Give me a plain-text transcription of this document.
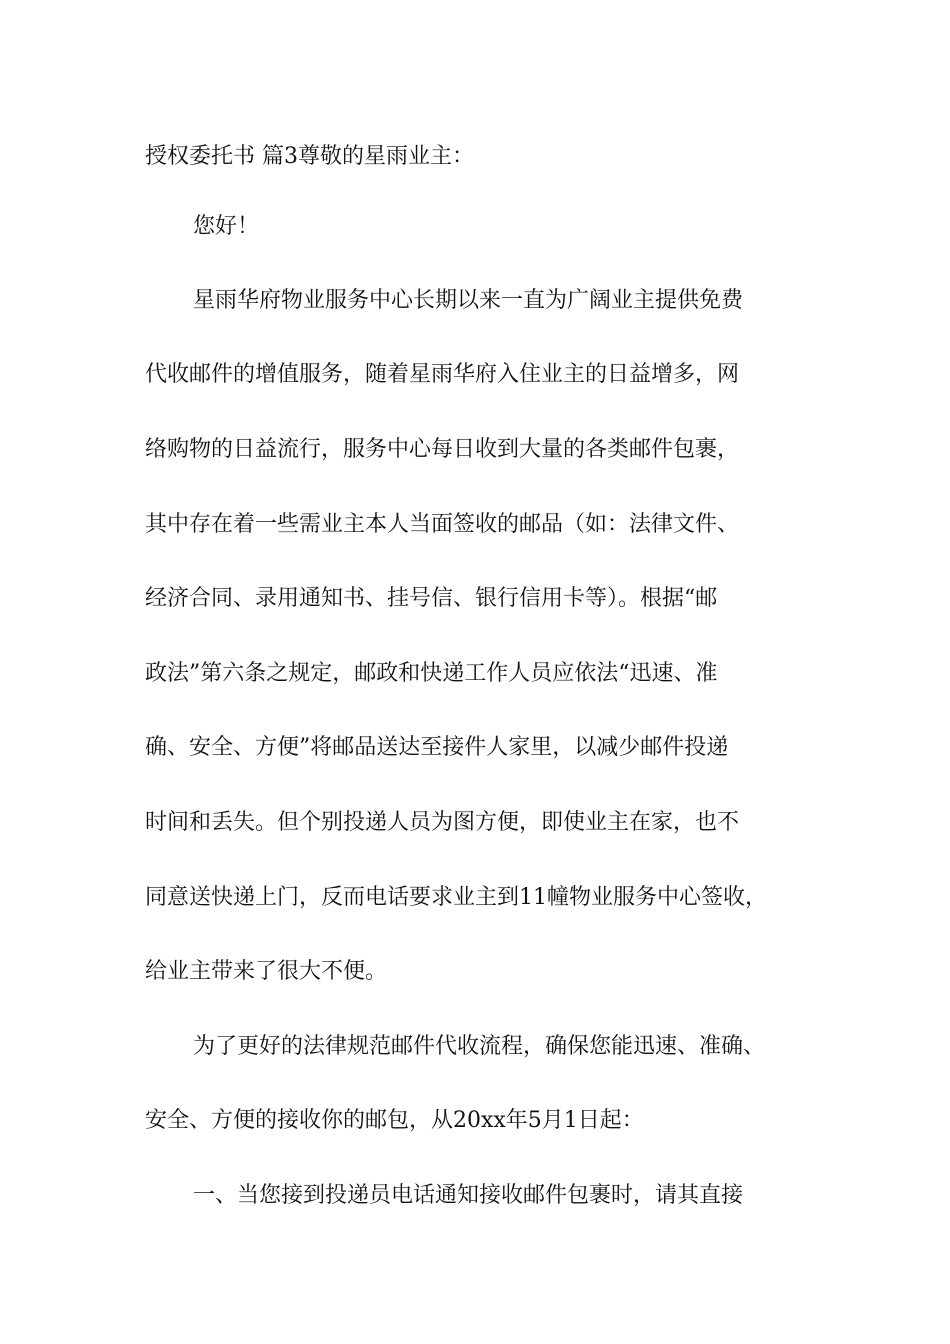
授权委托书 篇3尊敬的星雨业主：

您好！

星雨华府物业服务中心长期以来一直为广阔业主提供免费

代收邮件的增值服务，随着星雨华府入住业主的日益增多，网

络购物的日益流行，服务中心每日收到大量的各类邮件包裹，

其中存在着一些需业主本人当面签收的邮品（如：法律文件、

经济合同、录用通知书、挂号信、银行信用卡等）。根据“邮

政法”第六条之规定，邮政和快递工作人员应依法“迅速、准

确、安全、方便”将邮品送达至接件人家里，以减少邮件投递

时间和丢失。但个别投递人员为图方便，即使业主在家，也不

同意送快递上门，反而电话要求业主到11幢物业服务中心签收，

给业主带来了很大不便。

为了更好的法律规范邮件代收流程，确保您能迅速、准确、

安全、方便的接收你的邮包，从20xx年5月1日起：

一、当您接到投递员电话通知接收邮件包裹时，请其直接
